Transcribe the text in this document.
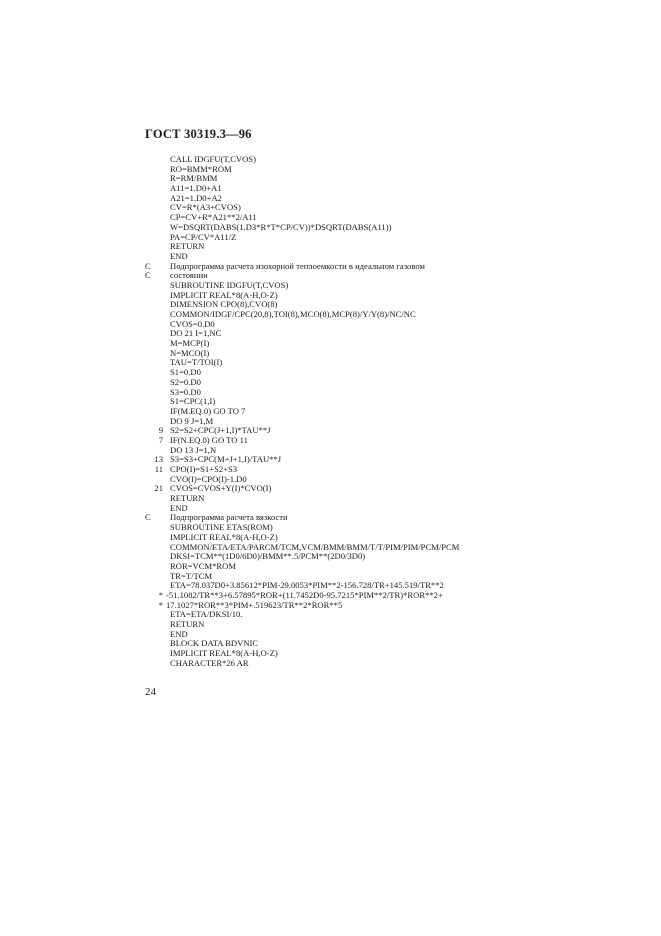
ГОСТ 30319.3—96
CALL IDGFU(T,CVOS)
RO=BMM*ROM
R=RM/BMM
A11=1.D0+A1
A21=1.D0+A2
CV=R*(A3+CVOS)
CP=CV+R*A21**2/A11
W=DSQRT(DABS(1.D3*R*T*CP/CV))*DSQRT(DABS(A11))
PA=CP/CV*A11/Z
RETURN
END
C Подпрограмма расчета изохорной теплоемкости в идеальном газовом
C состоянии
SUBROUTINE IDGFU(T,CVOS)
IMPLICIT REAL*8(A-H,O-Z)
DIMENSION CPO(8),CVO(8)
COMMON/IDGF/CPC(20,8),TOI(8),MCO(8),MCP(8)/Y/Y(8)/NC/NC
CVOS=0.D0
DO 21 I=1,NC
M=MCP(I)
N=MCO(I)
TAU=T/TOI(I)
S1=0.D0
S2=0.D0
S3=0.D0
S1=CPC(1,I)
IF(M.EQ.0) GO TO 7
DO 9 J=1,M
9 S2=S2+CPC(J+1,I)*TAU**J
7 IF(N.EQ.0) GO TO 11
DO 13 J=1,N
13 S3=S3+CPC(M+J+1,I)/TAU**J
11 CPO(I)=S1+S2+S3
CVO(I)=CPO(I)-1.D0
21 CVOS=CVOS+Y(I)*CVO(I)
RETURN
END
C Подпрограмма расчета вязкости
SUBROUTINE ETAS(ROM)
IMPLICIT REAL*8(A-H,O-Z)
COMMON/ETA/ETA/PARCM/TCM,VCM/BMM/BMM/T/T/PIM/PIM/PCM/PCM
DKSI=TCM**(1D0/6D0)/BMM**.5/PCM**(2D0/3D0)
ROR=VCM*ROM
TR=T/TCM
ETA=78.037D0+3.85612*PIM-29.0053*PIM**2-156.728/TR+145.519/TR**2
* -51.1082/TR**3+6.57895*ROR+(11.7452D0-95.7215*PIM**2/TR)*ROR**2+
* 17.1027*ROR**3*PIM+.519623/TR**2*ROR**5
ETA=ETA/DKSI/10.
RETURN
END
BLOCK DATA BDVNIC
IMPLICIT REAL*8(A-H,O-Z)
CHARACTER*26 AR
24
